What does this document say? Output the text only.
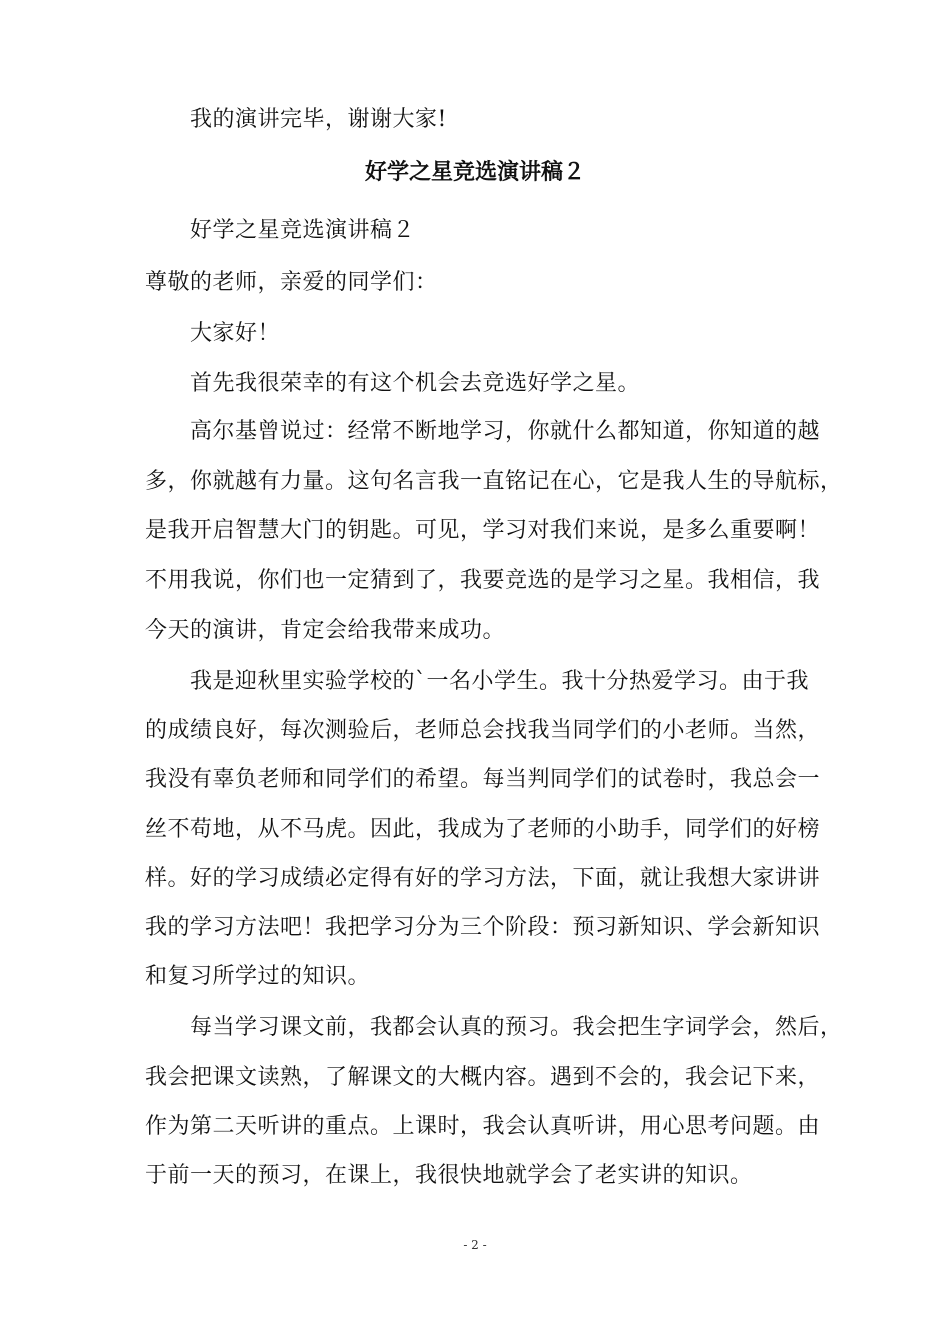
我的演讲完毕，谢谢大家!
好学之星竞选演讲稿２
好学之星竞选演讲稿２
尊敬的老师，亲爱的同学们：
大家好！
首先我很荣幸的有这个机会去竞选好学之星。
高尔基曾说过：经常不断地学习，你就什么都知道，你知道的越
多，你就越有力量。这句名言我一直铭记在心，它是我人生的导航标，
是我开启智慧大门的钥匙。可见，学习对我们来说，是多么重要啊！
不用我说，你们也一定猜到了，我要竞选的是学习之星。我相信，我
今天的演讲，肯定会给我带来成功。
我是迎秋里实验学校的`一名小学生。我十分热爱学习。由于我
的成绩良好，每次测验后，老师总会找我当同学们的小老师。当然，
我没有辜负老师和同学们的希望。每当判同学们的试卷时，我总会一
丝不苟地，从不马虎。因此，我成为了老师的小助手，同学们的好榜
样。好的学习成绩必定得有好的学习方法，下面，就让我想大家讲讲
我的学习方法吧！我把学习分为三个阶段：预习新知识、学会新知识
和复习所学过的知识。
每当学习课文前，我都会认真的预习。我会把生字词学会，然后，
我会把课文读熟，了解课文的大概内容。遇到不会的，我会记下来，
作为第二天听讲的重点。上课时，我会认真听讲，用心思考问题。由
于前一天的预习，在课上，我很快地就学会了老实讲的知识。
- 2 -
